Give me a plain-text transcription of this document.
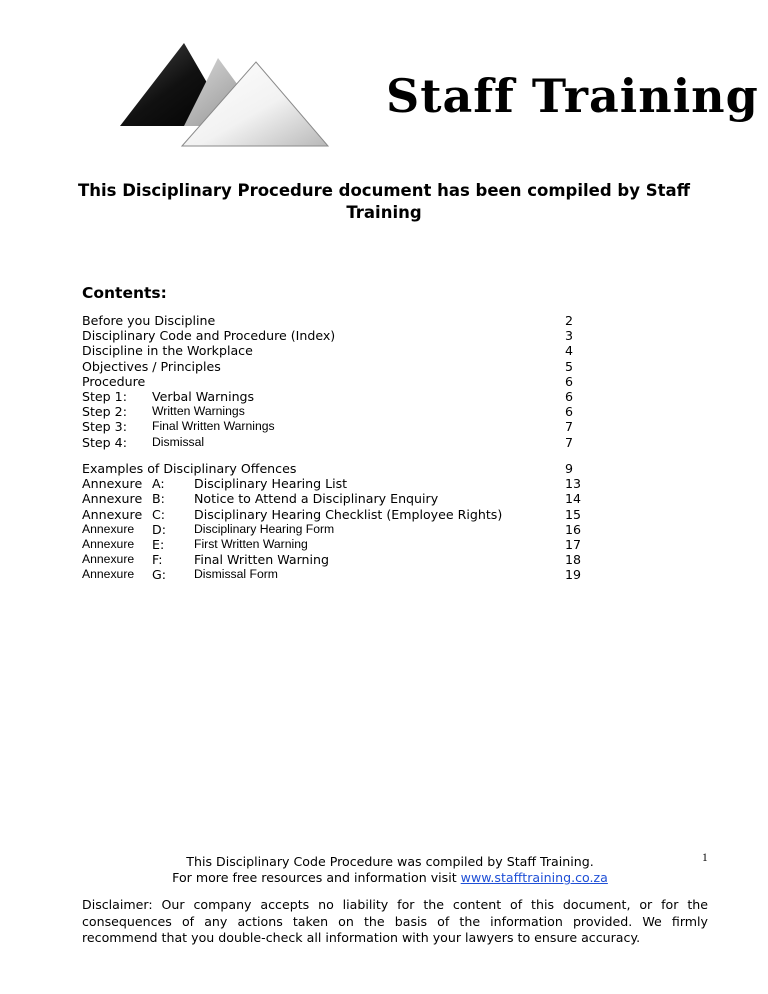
Staff Training
This Disciplinary Procedure document has been compiled by Staff Training
Contents:
Before you Discipline	2
Disciplinary Code and Procedure (Index)	3
Discipline in the Workplace	4
Objectives / Principles	5
Procedure	6
Step 1: Verbal Warnings	6
Step 2: Written Warnings	6
Step 3: Final Written Warnings	7
Step 4: Dismissal	7
Examples of Disciplinary Offences	9
Annexure A: Disciplinary Hearing List	13
Annexure B: Notice to Attend a Disciplinary Enquiry	14
Annexure C: Disciplinary Hearing Checklist (Employee Rights)	15
Annexure D: Disciplinary Hearing Form	16
Annexure E: First Written Warning	17
Annexure F: Final Written Warning	18
Annexure G: Dismissal Form	19
This Disciplinary Code Procedure was compiled by Staff Training.
For more free resources and information visit www.stafftraining.co.za
1
Disclaimer: Our company accepts no liability for the content of this document, or for the consequences of any actions taken on the basis of the information provided. We firmly recommend that you double-check all information with your lawyers to ensure accuracy.
